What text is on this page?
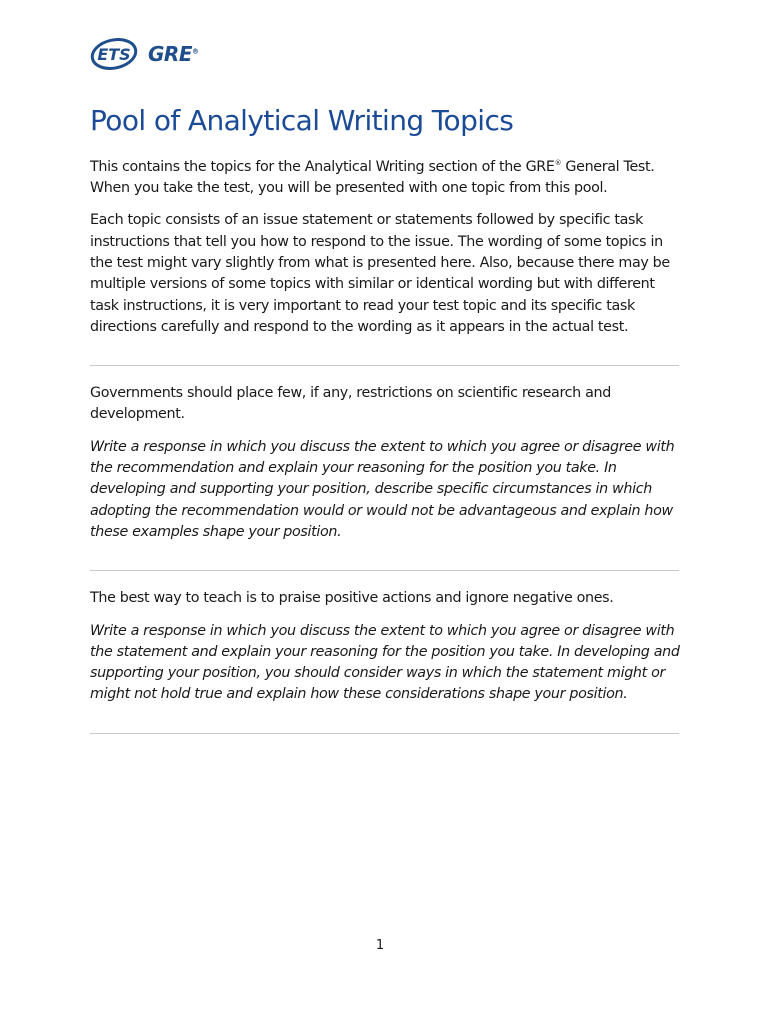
ETS GRE®
Pool of Analytical Writing Topics

This contains the topics for the Analytical Writing section of the GRE® General Test. When you take the test, you will be presented with one topic from this pool.

Each topic consists of an issue statement or statements followed by specific task instructions that tell you how to respond to the issue. The wording of some topics in the test might vary slightly from what is presented here. Also, because there may be multiple versions of some topics with similar or identical wording but with different task instructions, it is very important to read your test topic and its specific task directions carefully and respond to the wording as it appears in the actual test.

Governments should place few, if any, restrictions on scientific research and development.

Write a response in which you discuss the extent to which you agree or disagree with the recommendation and explain your reasoning for the position you take. In developing and supporting your position, describe specific circumstances in which adopting the recommendation would or would not be advantageous and explain how these examples shape your position.

The best way to teach is to praise positive actions and ignore negative ones.

Write a response in which you discuss the extent to which you agree or disagree with the statement and explain your reasoning for the position you take. In developing and supporting your position, you should consider ways in which the statement might or might not hold true and explain how these considerations shape your position.

1
